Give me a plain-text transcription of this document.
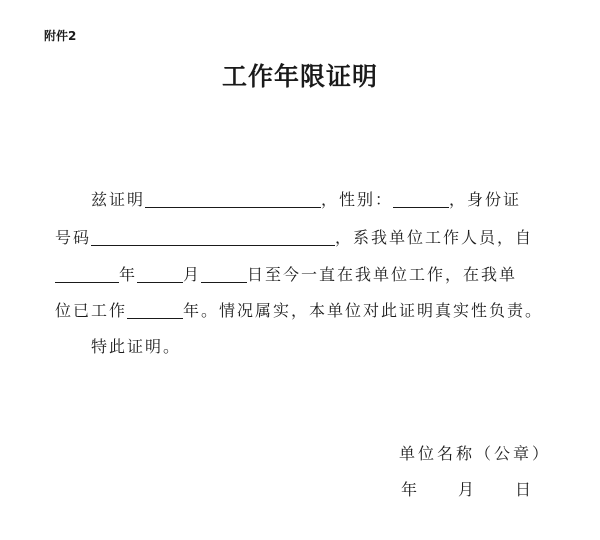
附件2
工作年限证明
兹证明	，性别：	，身份证
号码	，系我单位工作人员，自
年	月	日至今一直在我单位工作，在我单
位已工作	年。情况属实，本单位对此证明真实性负责。
特此证明。
单位名称（公章）
年 月 日
